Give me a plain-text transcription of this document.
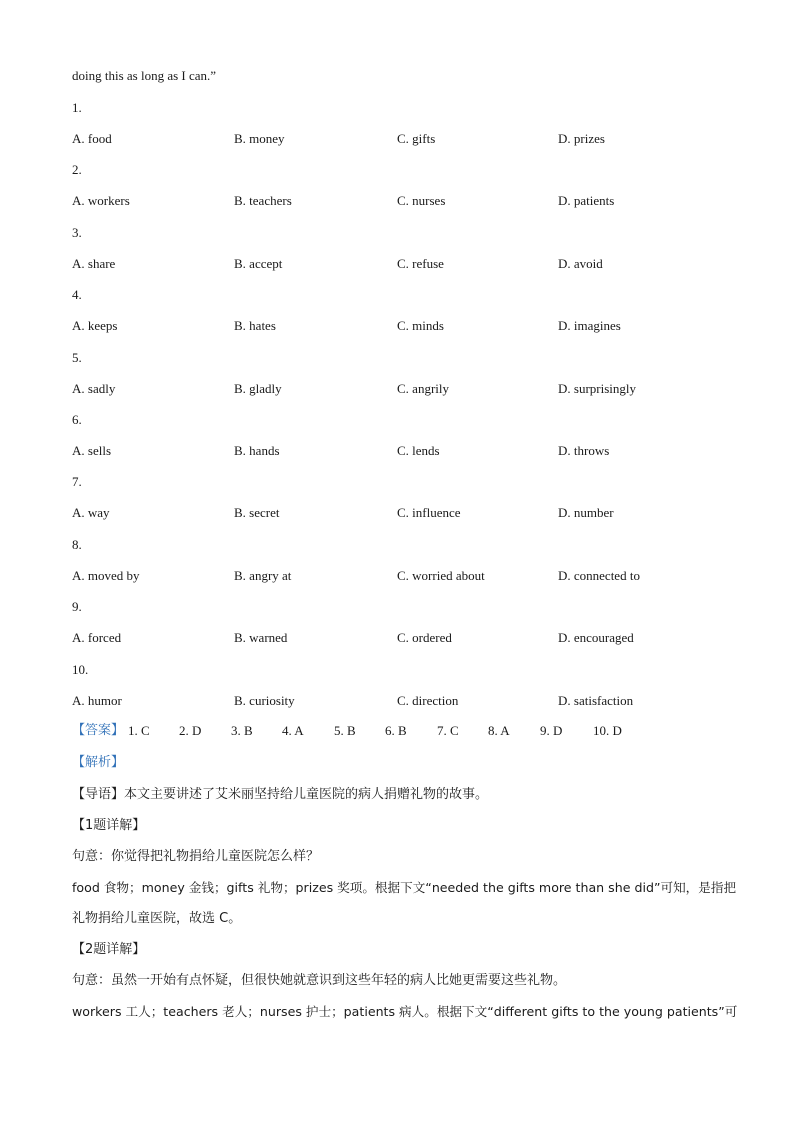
doing this as long as I can.”
1.
A. food	B. money	C. gifts	D. prizes
2.
A. workers	B. teachers	C. nurses	D. patients
3.
A. share	B. accept	C. refuse	D. avoid
4.
A. keeps	B. hates	C. minds	D. imagines
5.
A. sadly	B. gladly	C. angrily	D. surprisingly
6.
A. sells	B. hands	C. lends	D. throws
7.
A. way	B. secret	C. influence	D. number
8.
A. moved by	B. angry at	C. worried about	D. connected to
9.
A. forced	B. warned	C. ordered	D. encouraged
10.
A. humor	B. curiosity	C. direction	D. satisfaction
【答案】 1. C 2. D 3. B 4. A 5. B 6. B 7. C 8. A 9. D 10. D
【解析】
【导语】本文主要讲述了艾米丽坚持给儿童医院的病人捐赠礼物的故事。
【1题详解】
句意：你觉得把礼物捐给儿童医院怎么样？
food 食物；money 金钱；gifts 礼物；prizes 奖项。根据下文“needed the gifts more than she did”可知，是指把
礼物捐给儿童医院，故选 C。
【2题详解】
句意：虽然一开始有点怀疑，但很快她就意识到这些年轻的病人比她更需要这些礼物。
workers 工人；teachers 老人；nurses 护士；patients 病人。根据下文“different gifts to the young patients”可
